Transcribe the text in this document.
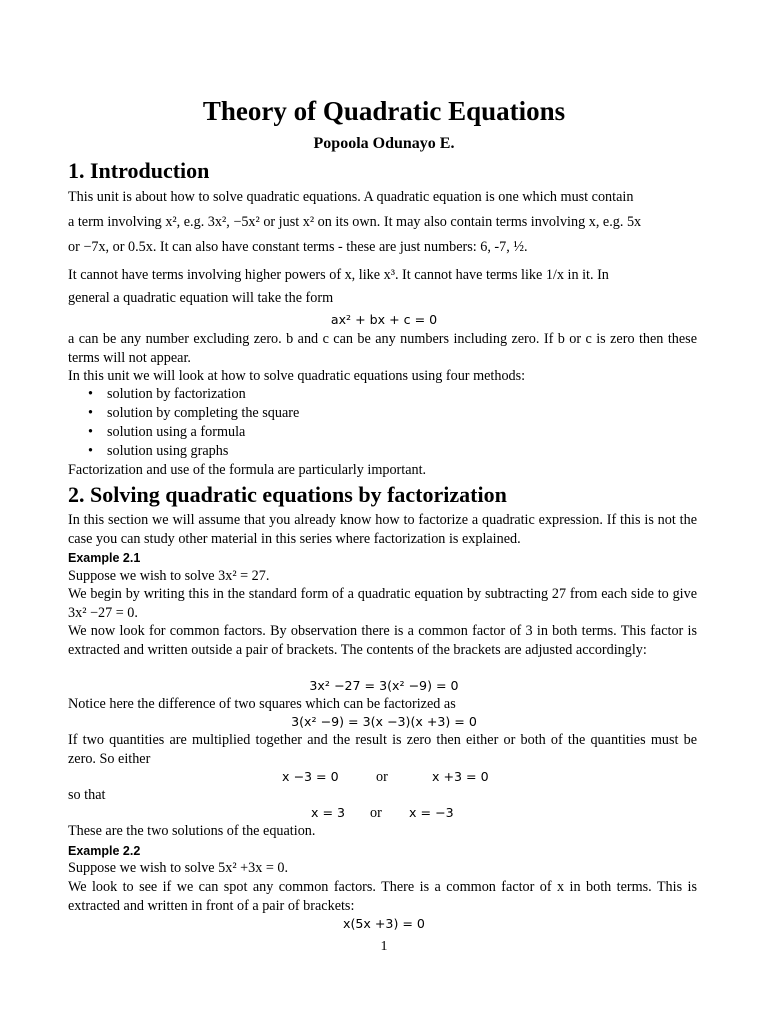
Theory of Quadratic Equations
Popoola Odunayo E.
1. Introduction
This unit is about how to solve quadratic equations. A quadratic equation is one which must contain
a term involving x², e.g. 3x², −5x² or just x² on its own. It may also contain terms involving x, e.g. 5x
or −7x, or 0.5x. It can also have constant terms - these are just numbers: 6, -7, ½.
It cannot have terms involving higher powers of x, like x³. It cannot have terms like 1/x in it. In
general a quadratic equation will take the form
ax² + bx + c = 0
a can be any number excluding zero. b and c can be any numbers including zero. If b or c is zero then these terms will not appear.
In this unit we will look at how to solve quadratic equations using four methods:
• solution by factorization
• solution by completing the square
• solution using a formula
• solution using graphs
Factorization and use of the formula are particularly important.
2. Solving quadratic equations by factorization
In this section we will assume that you already know how to factorize a quadratic expression. If this is not the case you can study other material in this series where factorization is explained.
Example 2.1
Suppose we wish to solve 3x² = 27.
We begin by writing this in the standard form of a quadratic equation by subtracting 27 from each side to give 3x² −27 = 0.
We now look for common factors. By observation there is a common factor of 3 in both terms. This factor is extracted and written outside a pair of brackets. The contents of the brackets are adjusted accordingly:
3x² −27 = 3(x² −9) = 0
Notice here the difference of two squares which can be factorized as
3(x² −9) = 3(x −3)(x +3) = 0
If two quantities are multiplied together and the result is zero then either or both of the quantities must be zero. So either
x −3 = 0	or	x +3 = 0
so that
x = 3 or x = −3
These are the two solutions of the equation.
Example 2.2
Suppose we wish to solve 5x² +3x = 0.
We look to see if we can spot any common factors. There is a common factor of x in both terms. This is extracted and written in front of a pair of brackets:
x(5x +3) = 0
1
